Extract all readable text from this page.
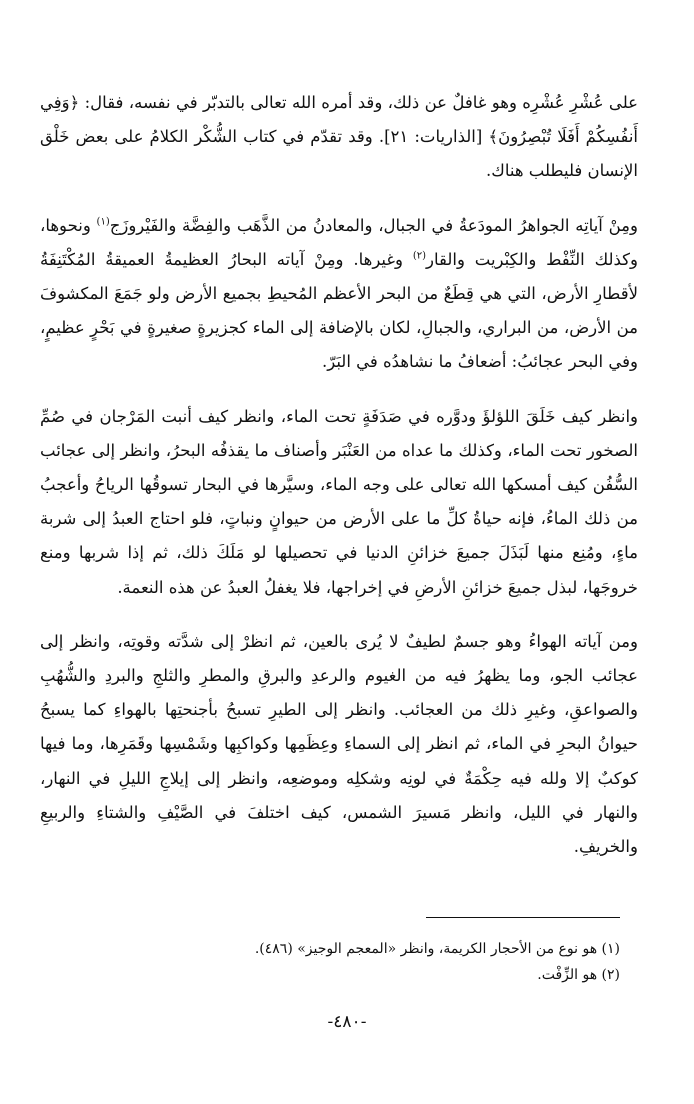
على عُشْرِ عُشْرِه وهو غافلٌ عن ذلك، وقد أمره الله تعالى بالتدبّر في نفسه، فقال: ﴿وَفِي أَنفُسِكُمْ أَفَلَا تُبْصِرُونَ﴾ [الذاريات: ٢١]. وقد تقدّم في كتاب الشُّكْر الكلامُ على بعض خَلْق الإنسان فليطلب هناك.

ومِنْ آياتِه الجواهرُ المودَعةُ في الجبال، والمعادنُ من الذَّهَب والفِضَّة والفَيْروزَج$^{(١)}$ ونحوها، وكذلك النِّفْط والكِبْريت والقار$^{(٢)}$ وغيرها. ومِنْ آياته البحارُ العظيمةُ العميقةُ المُكْتَنِفَةُ لأقطارِ الأرض، التي هي قِطَعٌ من البحر الأعظم المُحيطِ بجميع الأرض ولو جَمَعَ المكشوفَ من الأرض، من البراري، والجبالِ، لكان بالإضافة إلى الماء كجزيرةٍ صغيرةٍ في بَحْرٍ عظيمٍ، وفي البحر عجائبُ: أضعافُ ما نشاهدُه في البَرّ.

وانظر كيف خَلَقَ اللؤلؤَ ودوَّره في صَدَفَةٍ تحت الماء، وانظر كيف أنبت المَرْجان في صُمِّ الصخور تحت الماء، وكذلك ما عداه من العَنْبَر وأصناف ما يقذفُه البحرُ، وانظر إلى عجائب السُّفُن كيف أمسكها الله تعالى على وجه الماء، وسيَّرها في البحار تسوقُها الرياحُ وأعجبُ من ذلك الماءُ، فإنه حياةُ كلِّ ما على الأرض من حيوانٍ ونباتٍ، فلو احتاج العبدُ إلى شربة ماءٍ، ومُنِع منها لَبَذَلَ جميعَ خزائنِ الدنيا في تحصيلها لو مَلَكَ ذلك، ثم إذا شربها ومنع خروجَها، لبذل جميعَ خزائنِ الأرضِ في إخراجها، فلا يغفلُ العبدُ عن هذه النعمة.

ومن آياته الهواءُ وهو جسمٌ لطيفٌ لا يُرى بالعين، ثم انظرْ إلى شدَّته وقوتِه، وانظر إلى عجائب الجو، وما يظهرُ فيه من الغيوم والرعدِ والبرقِ والمطرِ والثلجِ والبردِ والشُّهُبِ والصواعقِ، وغيرِ ذلك من العجائب. وانظر إلى الطيرِ تسبحُ بأجنحتِها بالهواءِ كما يسبحُ حيوانُ البحرِ في الماء، ثم انظر إلى السماءِ وعِظَمِها وكواكبِها وشَمْسِها وقَمَرِها، وما فيها كوكبٌ إلا ولله فيه حِكْمَةٌ في لونِه وشكلِه وموضعِه، وانظر إلى إيلاجِ الليلِ في النهار، والنهار في الليل، وانظر مَسيرَ الشمس، كيف اختلفَ في الصَّيْفِ والشتاءِ والربيعِ والخريفِ.

(١) هو نوع من الأحجار الكريمة، وانظر «المعجم الوجيز» (٤٨٦).
(٢) هو الزِّفْت.
-٤٨٠-
